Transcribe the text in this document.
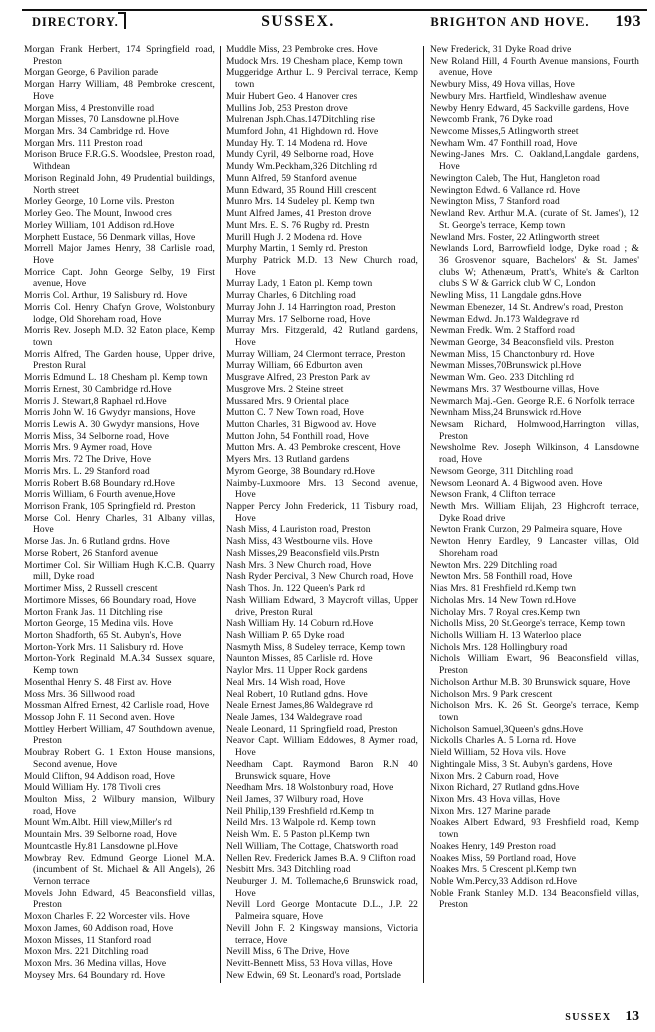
DIRECTORY.	SUSSEX.	BRIGHTON AND HOVE. 193

Morgan Frank Herbert, 174 Springfield road, Preston

Morgan George, 6 Pavilion parade

Morgan Harry William, 48 Pembroke crescent, Hove

Morgan Miss, 4 Prestonville road

Morgan Misses, 70 Lansdowne pl.Hove

Morgan Mrs. 34 Cambridge rd. Hove

Morgan Mrs. 111 Preston road

Morison Bruce F.R.G.S. Woodslee, Preston road, Withdean

Morison Reginald John, 49 Prudential buildings, North street

Morley George, 10 Lorne vils. Preston

Morley Geo. The Mount, Inwood cres

Morley William, 101 Addison rd.Hove

Morphett Eustace, 56 Denmark villas, Hove

Morrell Major James Henry, 38 Carlisle road, Hove

Morrice Capt. John George Selby, 19 First avenue, Hove

Morris Col. Arthur, 19 Salisbury rd. Hove

Morris Col. Henry Chafyn Grove, Wolstonbury lodge, Old Shoreham road, Hove

Morris Rev. Joseph M.D. 32 Eaton place, Kemp town

Morris Alfred, The Garden house, Upper drive, Preston Rural

Morris Edmund L. 18 Chesham pl. Kemp town

Morris Ernest, 30 Cambridge rd.Hove

Morris J. Stewart,8 Raphael rd.Hove

Morris John W. 16 Gwydyr mansions, Hove

Morris Lewis A. 30 Gwydyr mansions, Hove

Morris Miss, 34 Selborne road, Hove

Morris Mrs. 9 Aymer road, Hove

Morris Mrs. 72 The Drive, Hove

Morris Mrs. L. 29 Stanford road

Morris Robert B.68 Boundary rd.Hove

Morris William, 6 Fourth avenue,Hove

Morrison Frank, 105 Springfield rd. Preston

Morse Col. Henry Charles, 31 Albany villas, Hove

Morse Jas. Jn. 6 Rutland grdns. Hove

Morse Robert, 26 Stanford avenue

Mortimer Col. Sir William Hugh K.C.B. Quarry mill, Dyke road

Mortimer Miss, 2 Russell crescent

Mortimore Misses, 66 Boundary road, Hove

Morton Frank Jas. 11 Ditchling rise

Morton George, 15 Medina vils. Hove

Morton Shadforth, 65 St. Aubyn's, Hove

Morton-York Mrs. 11 Salisbury rd. Hove

Morton-York Reginald M.A.34 Sussex square, Kemp town

Mosenthal Henry S. 48 First av. Hove

Moss Mrs. 36 Sillwood road

Mossman Alfred Ernest, 42 Carlisle road, Hove

Mossop John F. 11 Second aven. Hove

Mottley Herbert William, 47 Southdown avenue, Preston

Moubray Robert G. 1 Exton House mansions, Second avenue, Hove

Mould Clifton, 94 Addison road, Hove

Mould William Hy. 178 Tivoli cres

Moulton Miss, 2 Wilbury mansion, Wilbury road, Hove

Mount Wm.Albt. Hill view,Miller's rd

Mountain Mrs. 39 Selborne road, Hove

Mountcastle Hy.81 Lansdowne pl.Hove

Mowbray Rev. Edmund George Lionel M.A. (incumbent of St. Michael & All Angels), 26 Vernon terrace

Movels John Edward, 45 Beaconsfield villas, Preston

Moxon Charles F. 22 Worcester vils. Hove

Moxon James, 60 Addison road, Hove

Moxon Misses, 11 Stanford road

Moxon Mrs. 221 Ditchling road

Moxon Mrs. 36 Medina villas, Hove

Moysey Mrs. 64 Boundary rd. Hove

Muddle Miss, 23 Pembroke cres. Hove

Mudock Mrs. 19 Chesham place, Kemp town

Muggeridge Arthur L. 9 Percival terrace, Kemp town

Muir Hubert Geo. 4 Hanover cres

Mullins Job, 253 Preston drove

Mulrenan Jsph.Chas.147Ditchling rise

Mumford John, 41 Highdown rd. Hove

Munday Hy. T. 14 Modena rd. Hove

Mundy Cyril, 49 Selborne road, Hove

Mundy Wm.Peckham,326 Ditchling rd

Munn Alfred, 59 Stanford avenue

Munn Edward, 35 Round Hill crescent

Munro Mrs. 14 Sudeley pl. Kemp twn

Munt Alfred James, 41 Preston drove

Munt Mrs. E. S. 76 Rugby rd. Prestn

Murill Hugh J. 2 Modena rd. Hove

Murphy Martin, 1 Semly rd. Preston

Murphy Patrick M.D. 13 New Church road, Hove

Murray Lady, 1 Eaton pl. Kemp town

Murray Charles, 6 Ditchling road

Murray John J. 14 Harrington road, Preston

Murray Mrs. 17 Selborne road, Hove

Murray Mrs. Fitzgerald, 42 Rutland gardens, Hove

Murray William, 24 Clermont terrace, Preston

Murray William, 66 Edburton aven

Musgrave Alfred, 23 Preston Park av

Musgrove Mrs. 2 Steine street

Mussared Mrs. 9 Oriental place

Mutton C. 7 New Town road, Hove

Mutton Charles, 31 Bigwood av. Hove

Mutton John, 54 Fonthill road, Hove

Mutton Mrs. A. 43 Pembroke crescent, Hove

Myers Mrs. 13 Rutland gardens

Myrom George, 38 Boundary rd.Hove

Naimby-Luxmoore Mrs. 13 Second avenue, Hove

Napper Percy John Frederick, 11 Tisbury road, Hove

Nash Miss, 4 Lauriston road, Preston

Nash Miss, 43 Westbourne vils. Hove

Nash Misses,29 Beaconsfield vils.Prstn

Nash Mrs. 3 New Church road, Hove

Nash Ryder Percival, 3 New Church road, Hove

Nash Thos. Jn. 122 Queen's Park rd

Nash William Edward, 3 Maycroft villas, Upper drive, Preston Rural

Nash William Hy. 14 Coburn rd.Hove

Nash William P. 65 Dyke road

Nasmyth Miss, 8 Sudeley terrace, Kemp town

Naunton Misses, 85 Carlisle rd. Hove

Naylor Mrs. 11 Upper Rock gardens

Neal Mrs. 14 Wish road, Hove

Neal Robert, 10 Rutland gdns. Hove

Neale Ernest James,86 Waldegrave rd

Neale James, 134 Waldegrave road

Neale Leonard, 11 Springfield road, Preston

Neavor Capt. William Eddowes, 8 Aymer road, Hove

Needham Capt. Raymond Baron R.N 40 Brunswick square, Hove

Needham Mrs. 18 Wolstonbury road, Hove

Neil James, 37 Wilbury road, Hove

Neil Philip,139 Freshfield rd.Kemp tn

Neild Mrs. 13 Walpole rd. Kemp town

Neish Wm. E. 5 Paston pl.Kemp twn

Nell William, The Cottage, Chatsworth road

Nellen Rev. Frederick James B.A. 9 Clifton road

Nesbitt Mrs. 343 Ditchling road

Neuburger J. M. Tollemache,6 Brunswick road, Hove

Nevill Lord George Montacute D.L., J.P. 22 Palmeira square, Hove

Nevill John F. 2 Kingsway mansions, Victoria terrace, Hove

Nevill Miss, 6 The Drive, Hove

Nevitt-Bennett Miss, 53 Hova villas, Hove

New Edwin, 69 St. Leonard's road, Portslade

New Frederick, 31 Dyke Road drive

New Roland Hill, 4 Fourth Avenue mansions, Fourth avenue, Hove

Newbury Miss, 49 Hova villas, Hove

Newbury Mrs. Hartfield, Windleshaw avenue

Newby Henry Edward, 45 Sackville gardens, Hove

Newcomb Frank, 76 Dyke road

Newcome Misses,5 Atlingworth street

Newham Wm. 47 Fonthill road, Hove

Newing-Janes Mrs. C. Oakland,Langdale gardens, Hove

Newington Caleb, The Hut, Hangleton road

Newington Edwd. 6 Vallance rd. Hove

Newington Miss, 7 Stanford road

Newland Rev. Arthur M.A. (curate of St. James'), 12 St. George's terrace, Kemp town

Newland Mrs. Foster, 22 Atlingworth street

Newlands Lord, Barrowfield lodge, Dyke road ; & 36 Grosvenor square, Bachelors' & St. James' clubs W; Athenæum, Pratt's, White's & Carlton clubs S W & Garrick club W C, London

Newling Miss, 11 Langdale gdns.Hove

Newman Ebenezer, 14 St. Andrew's road, Preston

Newman Edwd. Jn.173 Waldegrave rd

Newman Fredk. Wm. 2 Stafford road

Newman George, 34 Beaconsfield vils. Preston

Newman Miss, 15 Chanctonbury rd. Hove

Newman Misses,70Brunswick pl.Hove

Newman Wm. Geo. 233 Ditchling rd

Newmans Mrs. 37 Westbourne villas, Hove

Newmarch Maj.-Gen. George R.E. 6 Norfolk terrace

Newnham Miss,24 Brunswick rd.Hove

Newsam Richard, Holmwood,Harrington villas, Preston

Newsholme Rev. Joseph Wilkinson, 4 Lansdowne road, Hove

Newsom George, 311 Ditchling road

Newsom Leonard A. 4 Bigwood aven. Hove

Newson Frank, 4 Clifton terrace

Newth Mrs. William Elijah, 23 Highcroft terrace, Dyke Road drive

Newton Frank Curzon, 29 Palmeira square, Hove

Newton Henry Eardley, 9 Lancaster villas, Old Shoreham road

Newton Mrs. 229 Ditchling road

Newton Mrs. 58 Fonthill road, Hove

Nias Mrs. 81 Freshfield rd.Kemp twn

Nicholas Mrs. 14 New Town rd.Hove

Nicholay Mrs. 7 Royal cres.Kemp twn

Nicholls Miss, 20 St.George's terrace, Kemp town

Nicholls William H. 13 Waterloo place

Nichols Mrs. 128 Hollingbury road

Nichols William Ewart, 96 Beaconsfield villas, Preston

Nicholson Arthur M.B. 30 Brunswick square, Hove

Nicholson Mrs. 9 Park crescent

Nicholson Mrs. K. 26 St. George's terrace, Kemp town

Nicholson Samuel,3Queen's gdns.Hove

Nickolls Charles A. 5 Lorna rd. Hove

Nield William, 52 Hova vils. Hove

Nightingale Miss, 3 St. Aubyn's gardens, Hove

Nixon Mrs. 2 Caburn road, Hove

Nixon Richard, 27 Rutland gdns.Hove

Nixon Mrs. 43 Hova villas, Hove

Nixon Mrs. 127 Marine parade

Noakes Albert Edward, 93 Freshfield road, Kemp town

Noakes Henry, 149 Preston road

Noakes Miss, 59 Portland road, Hove

Noakes Mrs. 5 Crescent pl.Kemp twn

Noble Wm.Percy,33 Addison rd.Hove

Noble Frank Stanley M.D. 134 Beaconsfield villas, Preston

SUSSEX 13
